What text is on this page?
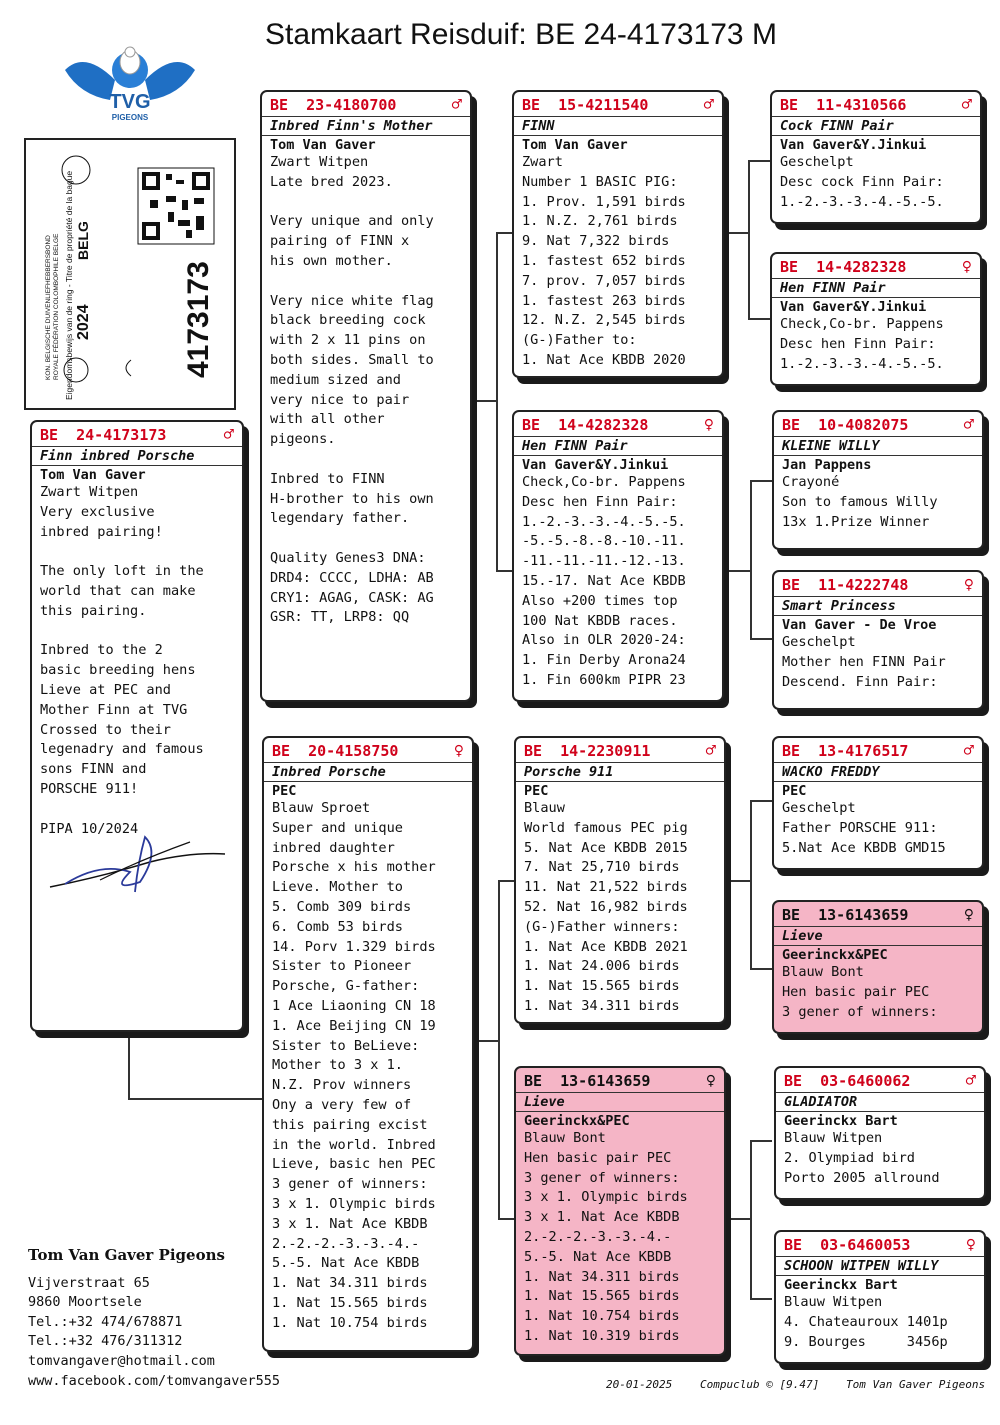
Stamkaart Reisduif: BE 24-4173173 M
TVG
PIGEONS
KON. BELGISCHE DUIVENLIEFHEBBERSBOND ROYALE FÉDÉRATION COLOMBOPHILE BELGE Eigendomsbewijs van de ring - Titre de propriété de la bague 2024
BELG
4173173
BE  24-4173173	♂
Finn inbred Porsche
Tom Van Gaver
Zwart Witpen
Very exclusive
inbred pairing!

The only loft in the
world that can make
this pairing.

Inbred to the 2
basic breeding hens
Lieve at PEC and
Mother Finn at TVG
Crossed to their
legenadry and famous
sons FINN and
PORSCHE 911!

PIPA 10/2024
BE  23-4180700	♂
Inbred Finn's Mother
Tom Van Gaver
Zwart Witpen
Late bred 2023.

Very unique and only
pairing of FINN x
his own mother.

Very nice white flag
black breeding cock
with 2 x 11 pins on
both sides. Small to
medium sized and
very nice to pair
with all other
pigeons.

Inbred to FINN
H-brother to his own
legendary father.

Quality Genes3 DNA:
DRD4: CCCC, LDHA: AB
CRY1: AGAG, CASK: AG
GSR: TT, LRP8: QQ
BE  20-4158750	♀
Inbred Porsche
PEC
Blauw Sproet
Super and unique
inbred daughter
Porsche x his mother
Lieve. Mother to
5. Comb 309 birds
6. Comb 53 birds
14. Porv 1.329 birds
Sister to Pioneer
Porsche, G-father:
1 Ace Liaoning CN 18
1. Ace Beijing CN 19
Sister to BeLieve:
Mother to 3 x 1.
N.Z. Prov winners
Ony a very few of
this pairing excist
in the world. Inbred
Lieve, basic hen PEC
3 gener of winners:
3 x 1. Olympic birds
3 x 1. Nat Ace KBDB
2.-2.-2.-3.-3.-4.-
5.-5. Nat Ace KBDB
1. Nat 34.311 birds
1. Nat 15.565 birds
1. Nat 10.754 birds
BE  15-4211540	♂
FINN
Tom Van Gaver
Zwart
Number 1 BASIC PIG:
1. Prov. 1,591 birds
1. N.Z. 2,761 birds
9. Nat 7,322 birds
1. fastest 652 birds
7. prov. 7,057 birds
1. fastest 263 birds
12. N.Z. 2,545 birds
(G-)Father to:
1. Nat Ace KBDB 2020
BE  14-4282328	♀
Hen FINN Pair
Van Gaver&Y.Jinkui
Check,Co-br. Pappens
Desc hen Finn Pair:
1.-2.-3.-3.-4.-5.-5.
-5.-5.-8.-8.-10.-11.
-11.-11.-11.-12.-13.
15.-17. Nat Ace KBDB
Also +200 times top
100 Nat KBDB races.
Also in OLR 2020-24:
1. Fin Derby Arona24
1. Fin 600km PIPR 23
BE  14-2230911	♂
Porsche 911
PEC
Blauw
World famous PEC pig
5. Nat Ace KBDB 2015
7. Nat 25,710 birds
11. Nat 21,522 birds
52. Nat 16,982 birds
(G-)Father winners:
1. Nat Ace KBDB 2021
1. Nat 24.006 birds
1. Nat 15.565 birds
1. Nat 34.311 birds
BE  13-6143659	♀
Lieve
Geerinckx&PEC
Blauw Bont
Hen basic pair PEC
3 gener of winners:
3 x 1. Olympic birds
3 x 1. Nat Ace KBDB
2.-2.-2.-3.-3.-4.-
5.-5. Nat Ace KBDB
1. Nat 34.311 birds
1. Nat 15.565 birds
1. Nat 10.754 birds
1. Nat 10.319 birds
BE  11-4310566	♂
Cock FINN Pair
Van Gaver&Y.Jinkui
Geschelpt
Desc cock Finn Pair:
1.-2.-3.-3.-4.-5.-5.
BE  14-4282328	♀
Hen FINN Pair
Van Gaver&Y.Jinkui
Check,Co-br. Pappens
Desc hen Finn Pair:
1.-2.-3.-3.-4.-5.-5.
BE  10-4082075	♂
KLEINE WILLY
Jan Pappens
Crayoné
Son to famous Willy
13x 1.Prize Winner
BE  11-4222748	♀
Smart Princess
Van Gaver - De Vroe
Geschelpt
Mother hen FINN Pair
Descend. Finn Pair:
BE  13-4176517	♂
WACKO FREDDY
PEC
Geschelpt
Father PORSCHE 911:
5.Nat Ace KBDB GMD15
BE  13-6143659	♀
Lieve
Geerinckx&PEC
Blauw Bont
Hen basic pair PEC
3 gener of winners:
BE  03-6460062	♂
GLADIATOR
Geerinckx Bart
Blauw Witpen
2. Olympiad bird
Porto 2005 allround
BE  03-6460053	♀
SCHOON WITPEN WILLY
Geerinckx Bart
Blauw Witpen
4. Chateauroux 1401p
9. Bourges     3456p
Tom Van Gaver Pigeons
Vijverstraat 65
9860 Moortsele
Tel.:+32 474/678871
Tel.:+32 476/311312
tomvangaver@hotmail.com
www.facebook.com/tomvangaver555	20-01-2025	Compuclub © [9.47] Tom Van Gaver Pigeons
